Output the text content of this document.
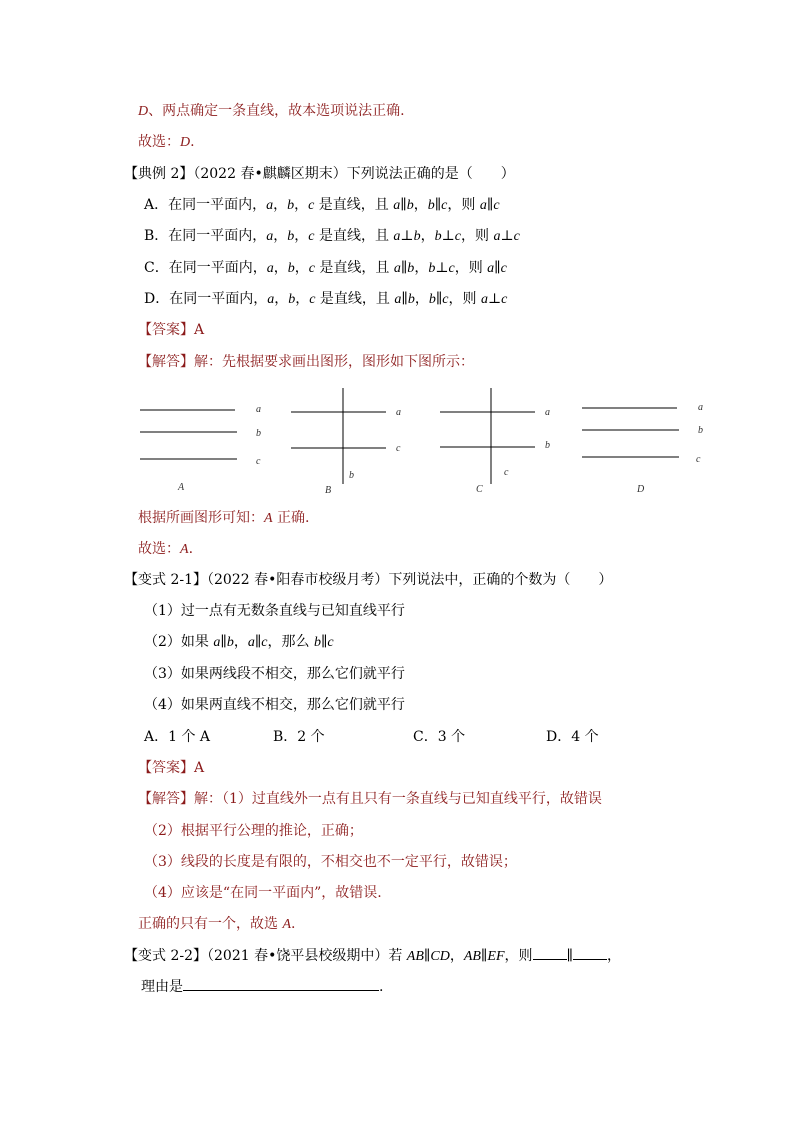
D、两点确定一条直线，故本选项说法正确.
故选：D.
【典例 2】（2022 春•麒麟区期末）下列说法正确的是（　　）
A．在同一平面内，a，b，c 是直线，且 a∥b，b∥c，则 a∥c
B．在同一平面内，a，b，c 是直线，且 a⊥b，b⊥c，则 a⊥c
C．在同一平面内，a，b，c 是直线，且 a∥b，b⊥c，则 a∥c
D．在同一平面内，a，b，c 是直线，且 a∥b，b∥c，则 a⊥c
【答案】A
【解答】解：先根据要求画出图形，图形如下图所示：
a
b
c
a
c
b
a
b
c
a
b
c
A	B	C	D
根据所画图形可知：A 正确.
故选：A.
【变式 2-1】（2022 春•阳春市校级月考）下列说法中，正确的个数为（　　）
（1）过一点有无数条直线与已知直线平行
（2）如果 a∥b，a∥c，那么 b∥c
（3）如果两线段不相交，那么它们就平行
（4）如果两直线不相交，那么它们就平行
A．1 个 A	B．2 个	C．3 个	D．4 个
【答案】A
【解答】解：（1）过直线外一点有且只有一条直线与已知直线平行，故错误
（2）根据平行公理的推论，正确；
（3）线段的长度是有限的，不相交也不一定平行，故错误；
（4）应该是“在同一平面内”，故错误.
正确的只有一个，故选 A.
【变式 2-2】（2021 春•饶平县校级期中）若 AB∥CD，AB∥EF，则 ∥ ，
理由是	.
